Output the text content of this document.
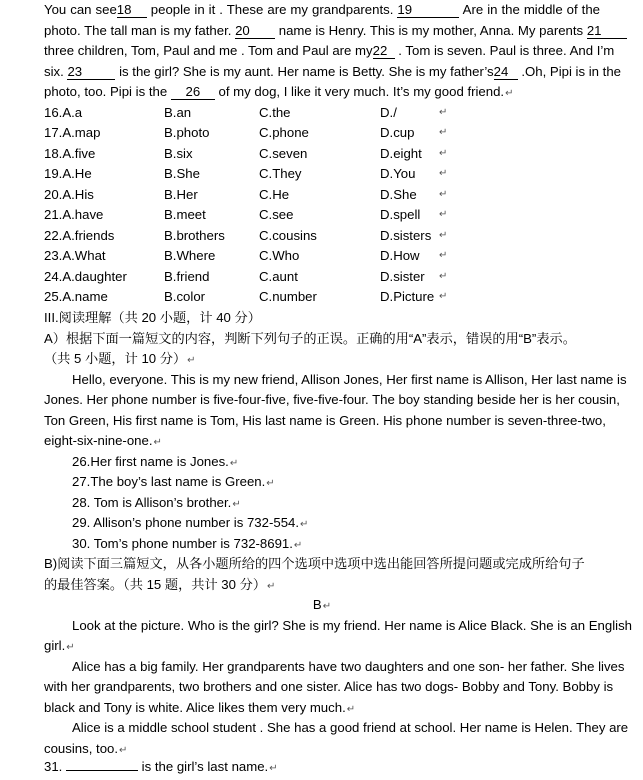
You can see18 people in it . These are my grandparents. 19	Are in the middle of the
photo. The tall man is my father. 20 name is Henry. This is my mother, Anna. My parents 21
three children, Tom, Paul and me . Tom and Paul are my22 . Tom is seven. Paul is three. And I’m
six. 23	is the girl? She is my aunt. Her name is Betty. She is my father’s24 .Oh, Pipi is in the
photo, too. Pipi is the 26 of my dog, I like it very much. It’s my good friend.↵
16.A.a	B.an	C.the	D./	↵
17.A.map	B.photo	C.phone	D.cup ↵
18.A.five	B.six	C.seven	D.eight ↵
19.A.He	B.She	C.They	D.You ↵
20.A.His	B.Her	C.He	D.She ↵
21.A.have	B.meet	C.see	D.spell ↵
22.A.friends	B.brothers	C.cousins	D.sisters ↵
23.A.What	B.Where	C.Who	D.How ↵
24.A.daughter	B.friend	C.aunt	D.sister ↵
25.A.name	B.color	C.number	D.Picture ↵
III.阅读理解（共 20 小题，计 40 分）
A）根据下面一篇短文的内容，判断下列句子的正误。正确的用“A”表示，错误的用“B”表示。
（共 5 小题，计 10 分）↵
Hello, everyone. This is my new friend, Allison Jones, Her first name is Allison, Her last name is
Jones. Her phone number is five-four-five, five-five-four. The boy standing beside her is her cousin,
Ton Green, His first name is Tom, His last name is Green. His phone number is seven-three-two,
eight-six-nine-one.↵
26.Her first name is Jones.↵
27.The boy’s last name is Green.↵
28. Tom is Allison’s brother.↵
29. Allison’s phone number is 732-554.↵
30. Tom’s phone number is 732-8691.↵
B)阅读下面三篇短文，从各小题所给的四个选项中选项中选出能回答所提问题或完成所给句子
的最佳答案。（共 15 题，共计 30 分）↵
B↵
Look at the picture. Who is the girl? She is my friend. Her name is Alice Black. She is an English
girl.↵
Alice has a big family. Her grandparents have two daughters and one son- her father. She lives
with her grandparents, two brothers and one sister. Alice has two dogs- Bobby and Tony. Bobby is
black and Tony is white. Alice likes them very much.↵
Alice is a middle school student . She has a good friend at school. Her name is Helen. They are
cousins, too.↵
31.	is the girl’s last name.↵
